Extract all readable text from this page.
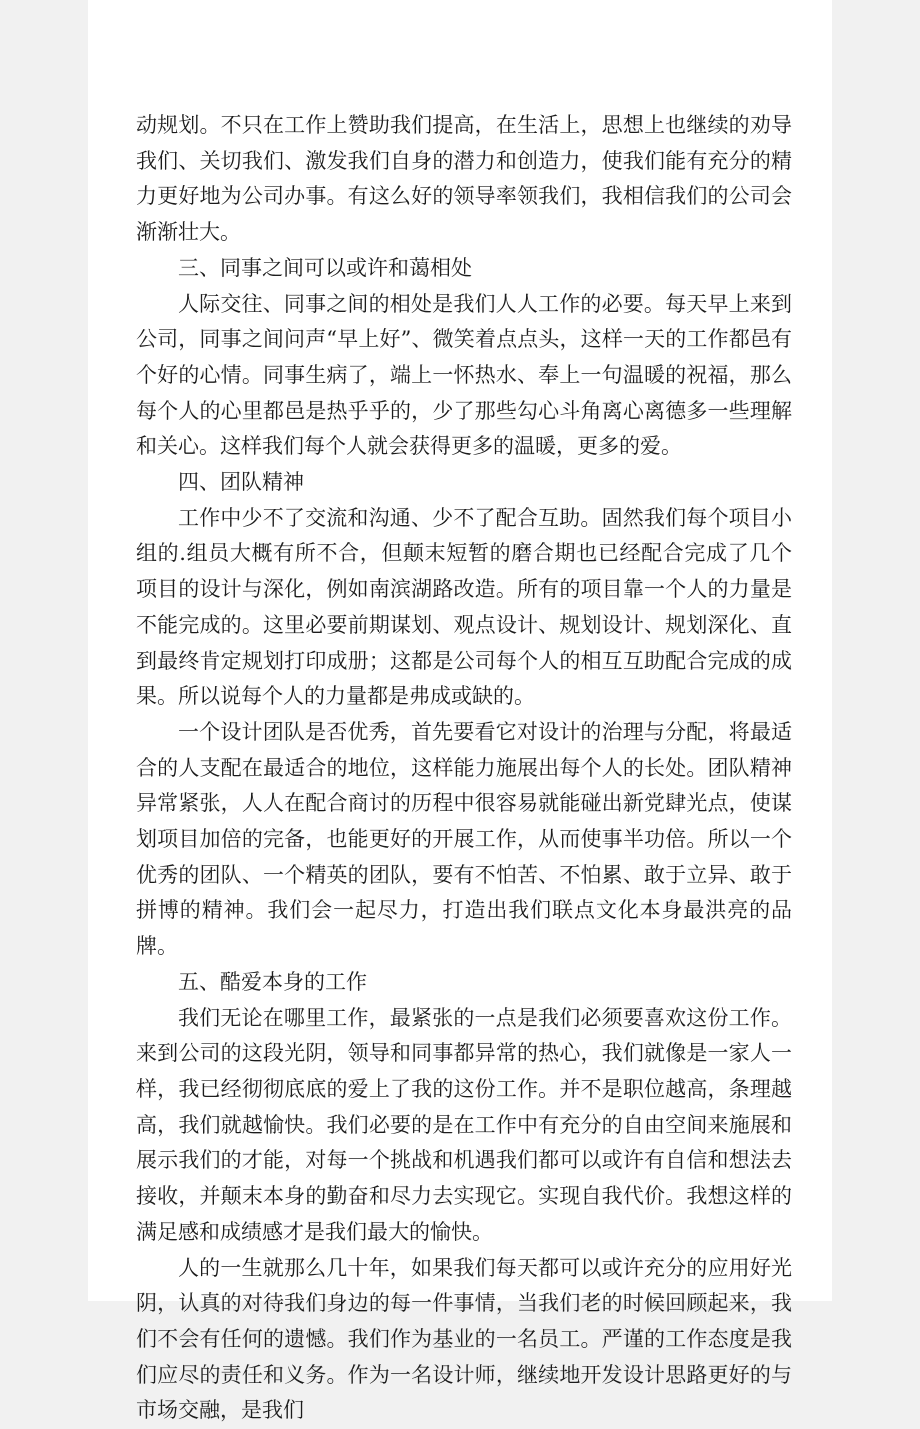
动规划。不只在工作上赞助我们提高，在生活上，思想上也继续的劝导我们、关切我们、激发我们自身的潜力和创造力，使我们能有充分的精力更好地为公司办事。有这么好的领导率领我们，我相信我们的公司会渐渐壮大。

三、同事之间可以或许和蔼相处

人际交往、同事之间的相处是我们人人工作的必要。每天早上来到公司，同事之间问声“早上好”、微笑着点点头，这样一天的工作都邑有个好的心情。同事生病了，端上一怀热水、奉上一句温暖的祝福，那么每个人的心里都邑是热乎乎的，少了那些勾心斗角离心离德多一些理解和关心。这样我们每个人就会获得更多的温暖，更多的爱。

四、团队精神

工作中少不了交流和沟通、少不了配合互助。固然我们每个项目小组的.组员大概有所不合，但颠末短暂的磨合期也已经配合完成了几个项目的设计与深化，例如南滨湖路改造。所有的项目靠一个人的力量是不能完成的。这里必要前期谋划、观点设计、规划设计、规划深化、直到最终肯定规划打印成册；这都是公司每个人的相互互助配合完成的成果。所以说每个人的力量都是弗成或缺的。

一个设计团队是否优秀，首先要看它对设计的治理与分配，将最适合的人支配在最适合的地位，这样能力施展出每个人的长处。团队精神异常紧张，人人在配合商讨的历程中很容易就能碰出新党肆光点，使谋划项目加倍的完备，也能更好的开展工作，从而使事半功倍。所以一个优秀的团队、一个精英的团队，要有不怕苦、不怕累、敢于立异、敢于拼博的精神。我们会一起尽力，打造出我们联点文化本身最洪亮的品牌。

五、酷爱本身的工作

我们无论在哪里工作，最紧张的一点是我们必须要喜欢这份工作。来到公司的这段光阴，领导和同事都异常的热心，我们就像是一家人一样，我已经彻彻底底的爱上了我的这份工作。并不是职位越高，条理越高，我们就越愉快。我们必要的是在工作中有充分的自由空间来施展和展示我们的才能，对每一个挑战和机遇我们都可以或许有自信和想法去接收，并颠末本身的勤奋和尽力去实现它。实现自我代价。我想这样的满足感和成绩感才是我们最大的愉快。

人的一生就那么几十年，如果我们每天都可以或许充分的应用好光阴，认真的对待我们身边的每一件事情，当我们老的时候回顾起来，我们不会有任何的遗憾。我们作为基业的一名员工。严谨的工作态度是我们应尽的责任和义务。作为一名设计师，继续地开发设计思路更好的与市场交融，是我们
